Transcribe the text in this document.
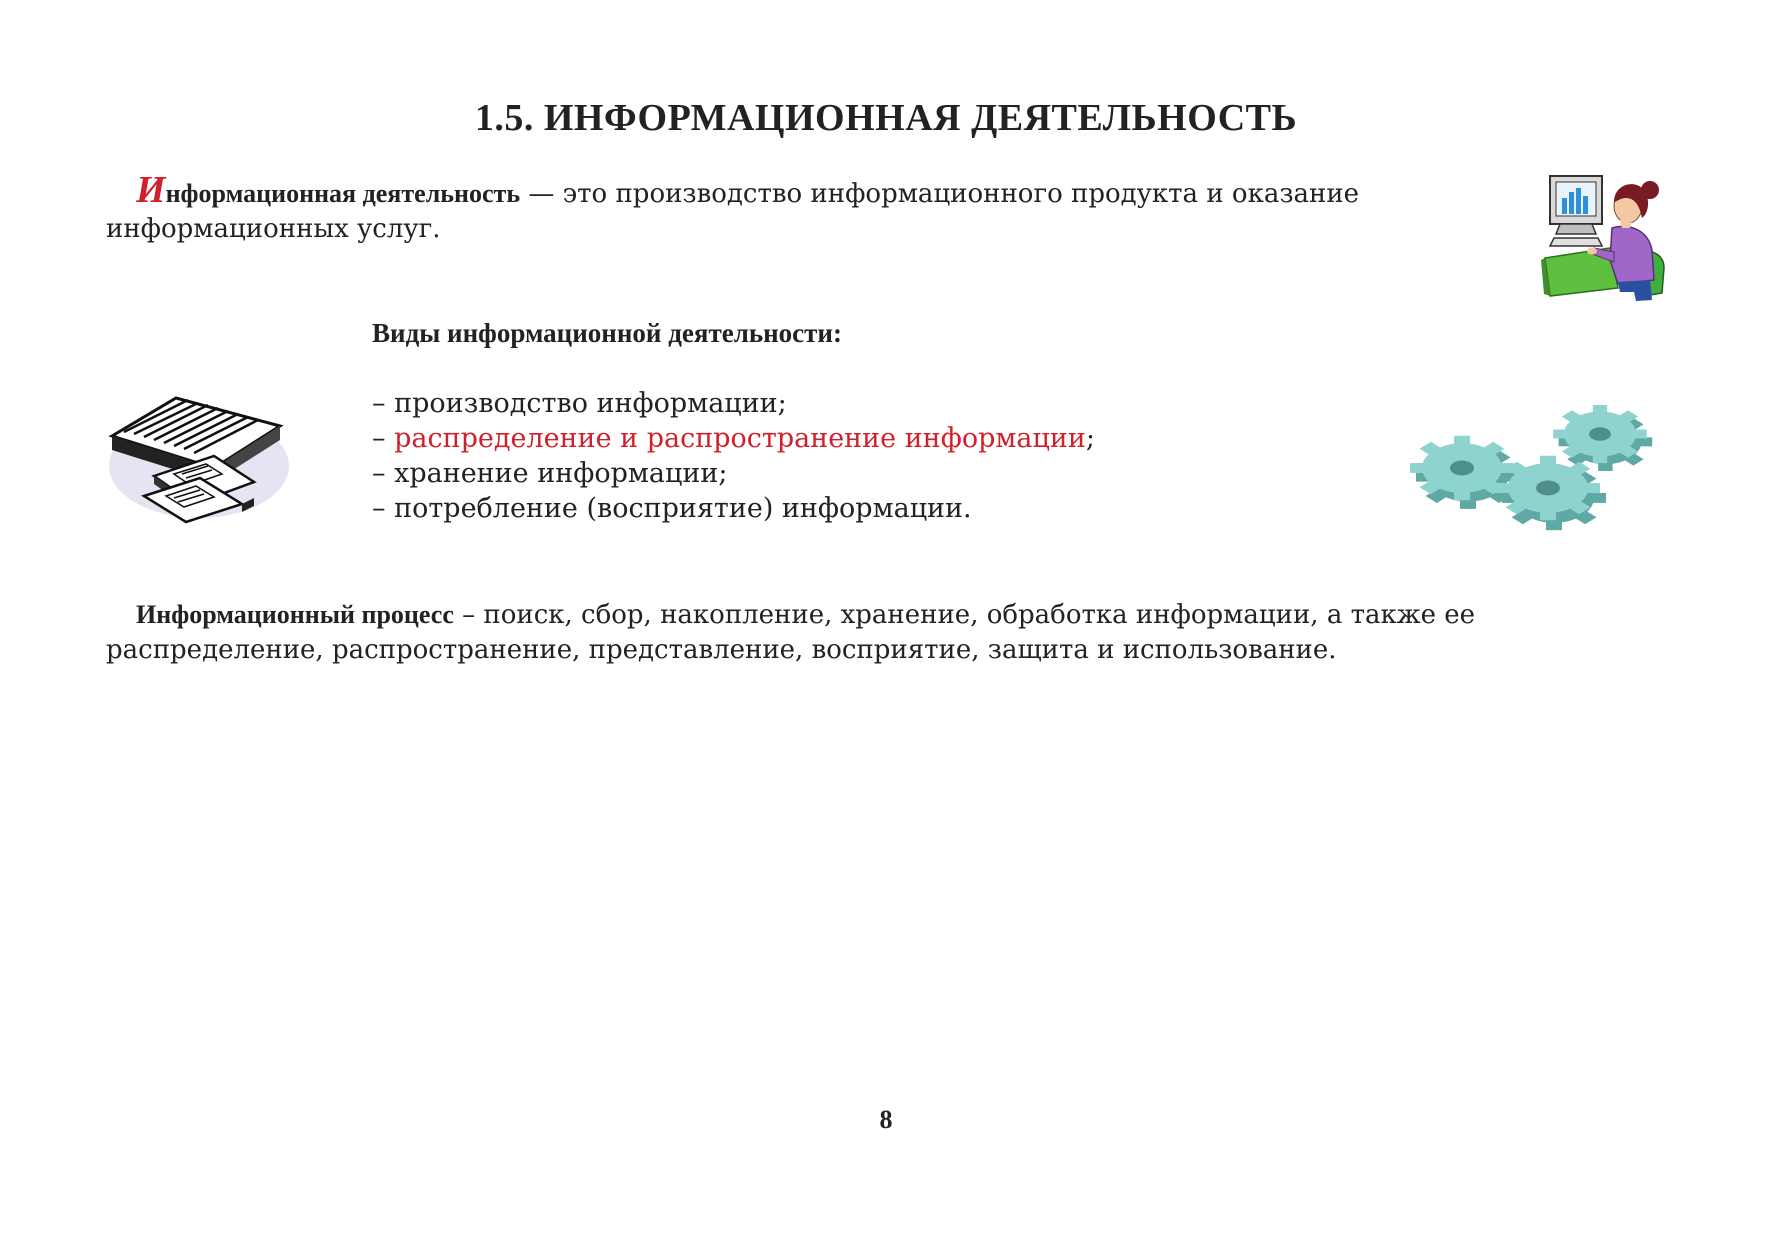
1.5. ИНФОРМАЦИОННАЯ ДЕЯТЕЛЬНОСТЬ
Информационная деятельность — это производство информационного продукта и оказание информационных услуг.
Виды информационной деятельности:
– производство информации;
– распределение и распространение информации;
– хранение информации;
– потребление (восприятие) информации.
Информационный процесс – поиск, сбор, накопление, хранение, обработка информации, а также ее распределение, распространение, представление, восприятие, защита и использование.
8
